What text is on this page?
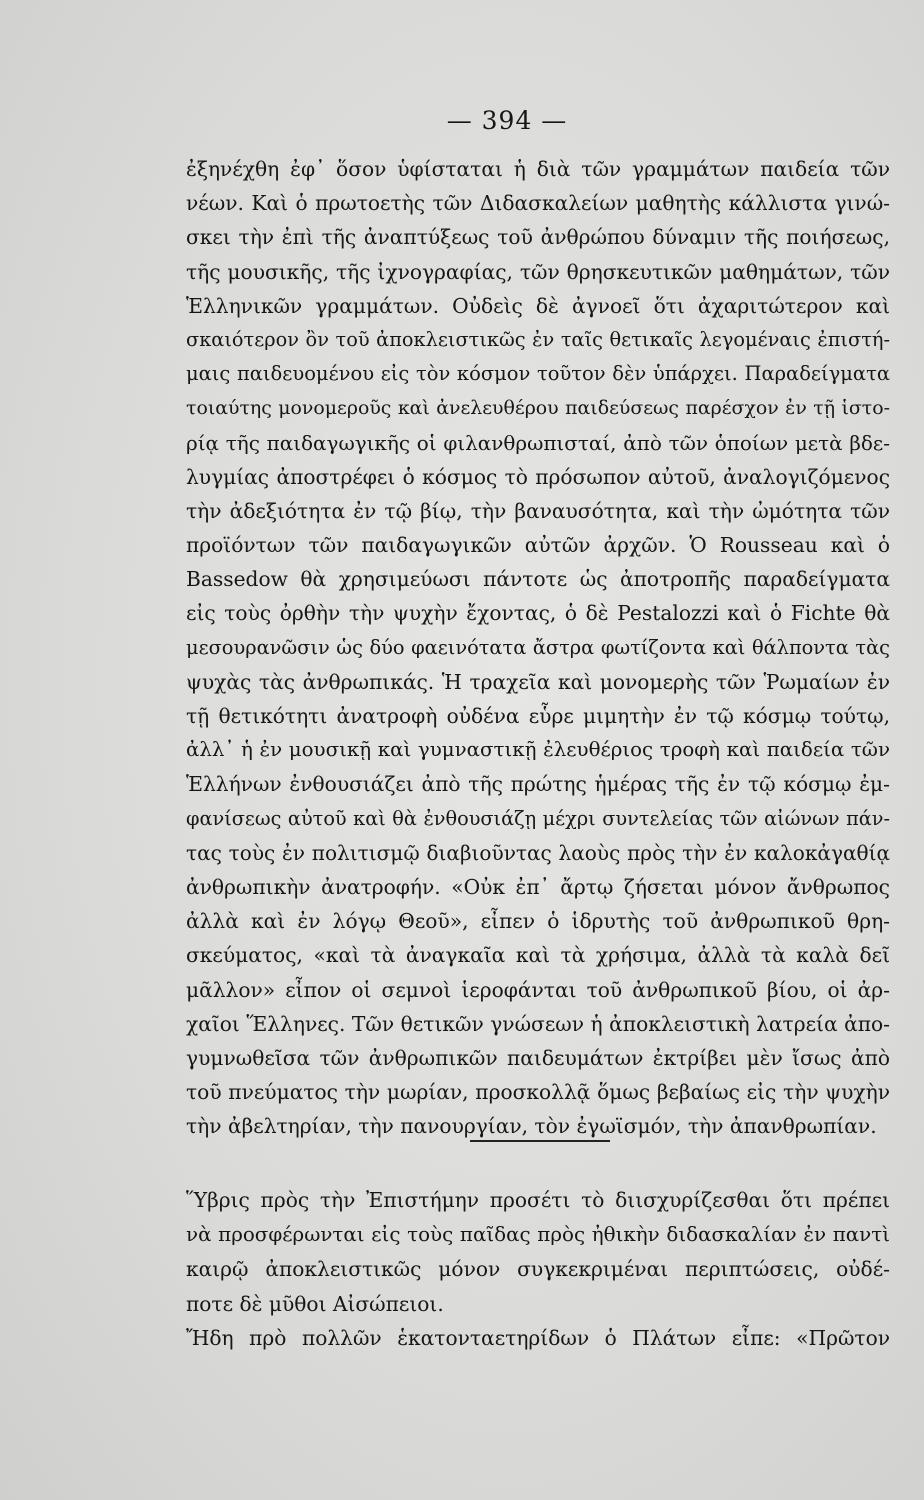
— 394 —
ἐξηνέχθη ἐφ᾽ ὅσον ὑφίσταται ἡ διὰ τῶν γραμμάτων παιδεία τῶν
νέων. Καὶ ὁ πρωτοετὴς τῶν Διδασκαλείων μαθητὴς κάλλιστα γινώ-
σκει τὴν ἐπὶ τῆς ἀναπτύξεως τοῦ ἀνθρώπου δύναμιν τῆς ποιήσεως,
τῆς μουσικῆς, τῆς ἰχνογραφίας, τῶν θρησκευτικῶν μαθημάτων, τῶν
Ἑλληνικῶν γραμμάτων. Οὐδεὶς δὲ ἀγνοεῖ ὅτι ἀχαριτώτερον καὶ
σκαιότερον ὂν τοῦ ἀποκλειστικῶς ἐν ταῖς θετικαῖς λεγομέναις ἐπιστή-
μαις παιδευομένου εἰς τὸν κόσμον τοῦτον δὲν ὑπάρχει. Παραδείγματα
τοιαύτης μονομεροῦς καὶ ἀνελευθέρου παιδεύσεως παρέσχον ἐν τῇ ἱστο-
ρίᾳ τῆς παιδαγωγικῆς οἱ φιλανθρωπισταί, ἀπὸ τῶν ὁποίων μετὰ βδε-
λυγμίας ἀποστρέφει ὁ κόσμος τὸ πρόσωπον αὐτοῦ, ἀναλογιζόμενος
τὴν ἀδεξιότητα ἐν τῷ βίῳ, τὴν βαναυσότητα, καὶ τὴν ὠμότητα τῶν
προϊόντων τῶν παιδαγωγικῶν αὐτῶν ἀρχῶν. Ὁ Rousseau καὶ ὁ
Bassedow θὰ χρησιμεύωσι πάντοτε ὡς ἀποτροπῆς παραδείγματα
εἰς τοὺς ὀρθὴν τὴν ψυχὴν ἔχοντας, ὁ δὲ Pestalozzi καὶ ὁ Fichte θὰ
μεσουρανῶσιν ὡς δύο φαεινότατα ἄστρα φωτίζοντα καὶ θάλποντα τὰς
ψυχὰς τὰς ἀνθρωπικάς. Ἡ τραχεῖα καὶ μονομερὴς τῶν Ῥωμαίων ἐν
τῇ θετικότητι ἀνατροφὴ οὐδένα εὗρε μιμητὴν ἐν τῷ κόσμῳ τούτῳ,
ἀλλ᾽ ἡ ἐν μουσικῇ καὶ γυμναστικῇ ἐλευθέριος τροφὴ καὶ παιδεία τῶν
Ἑλλήνων ἐνθουσιάζει ἀπὸ τῆς πρώτης ἡμέρας τῆς ἐν τῷ κόσμῳ ἐμ-
φανίσεως αὐτοῦ καὶ θὰ ἐνθουσιάζῃ μέχρι συντελείας τῶν αἰώνων πάν-
τας τοὺς ἐν πολιτισμῷ διαβιοῦντας λαοὺς πρὸς τὴν ἐν καλοκἀγαθίᾳ
ἀνθρωπικὴν ἀνατροφήν. «Οὐκ ἐπ᾽ ἄρτῳ ζήσεται μόνον ἄνθρωπος
ἀλλὰ καὶ ἐν λόγῳ Θεοῦ», εἶπεν ὁ ἱδρυτὴς τοῦ ἀνθρωπικοῦ θρη-
σκεύματος, «καὶ τὰ ἀναγκαῖα καὶ τὰ χρήσιμα, ἀλλὰ τὰ καλὰ δεῖ
μᾶλλον» εἶπον οἱ σεμνοὶ ἱεροφάνται τοῦ ἀνθρωπικοῦ βίου, οἱ ἀρ-
χαῖοι Ἕλληνες. Τῶν θετικῶν γνώσεων ἡ ἀποκλειστικὴ λατρεία ἀπο-
γυμνωθεῖσα τῶν ἀνθρωπικῶν παιδευμάτων ἐκτρίβει μὲν ἴσως ἀπὸ
τοῦ πνεύματος τὴν μωρίαν, προσκολλᾷ ὅμως βεβαίως εἰς τὴν ψυχὴν
τὴν ἀβελτηρίαν, τὴν πανουργίαν, τὸν ἐγωϊσμόν, τὴν ἀπανθρωπίαν.
Ὕβρις πρὸς τὴν Ἐπιστήμην προσέτι τὸ διισχυρίζεσθαι ὅτι πρέπει
νὰ προσφέρωνται εἰς τοὺς παῖδας πρὸς ἠθικὴν διδασκαλίαν ἐν παντὶ
καιρῷ ἀποκλειστικῶς μόνον συγκεκριμέναι περιπτώσεις, οὐδέ-
ποτε δὲ μῦθοι Αἰσώπειοι.
Ἤδη πρὸ πολλῶν ἑκατονταετηρίδων ὁ Πλάτων εἶπε: «Πρῶτον
